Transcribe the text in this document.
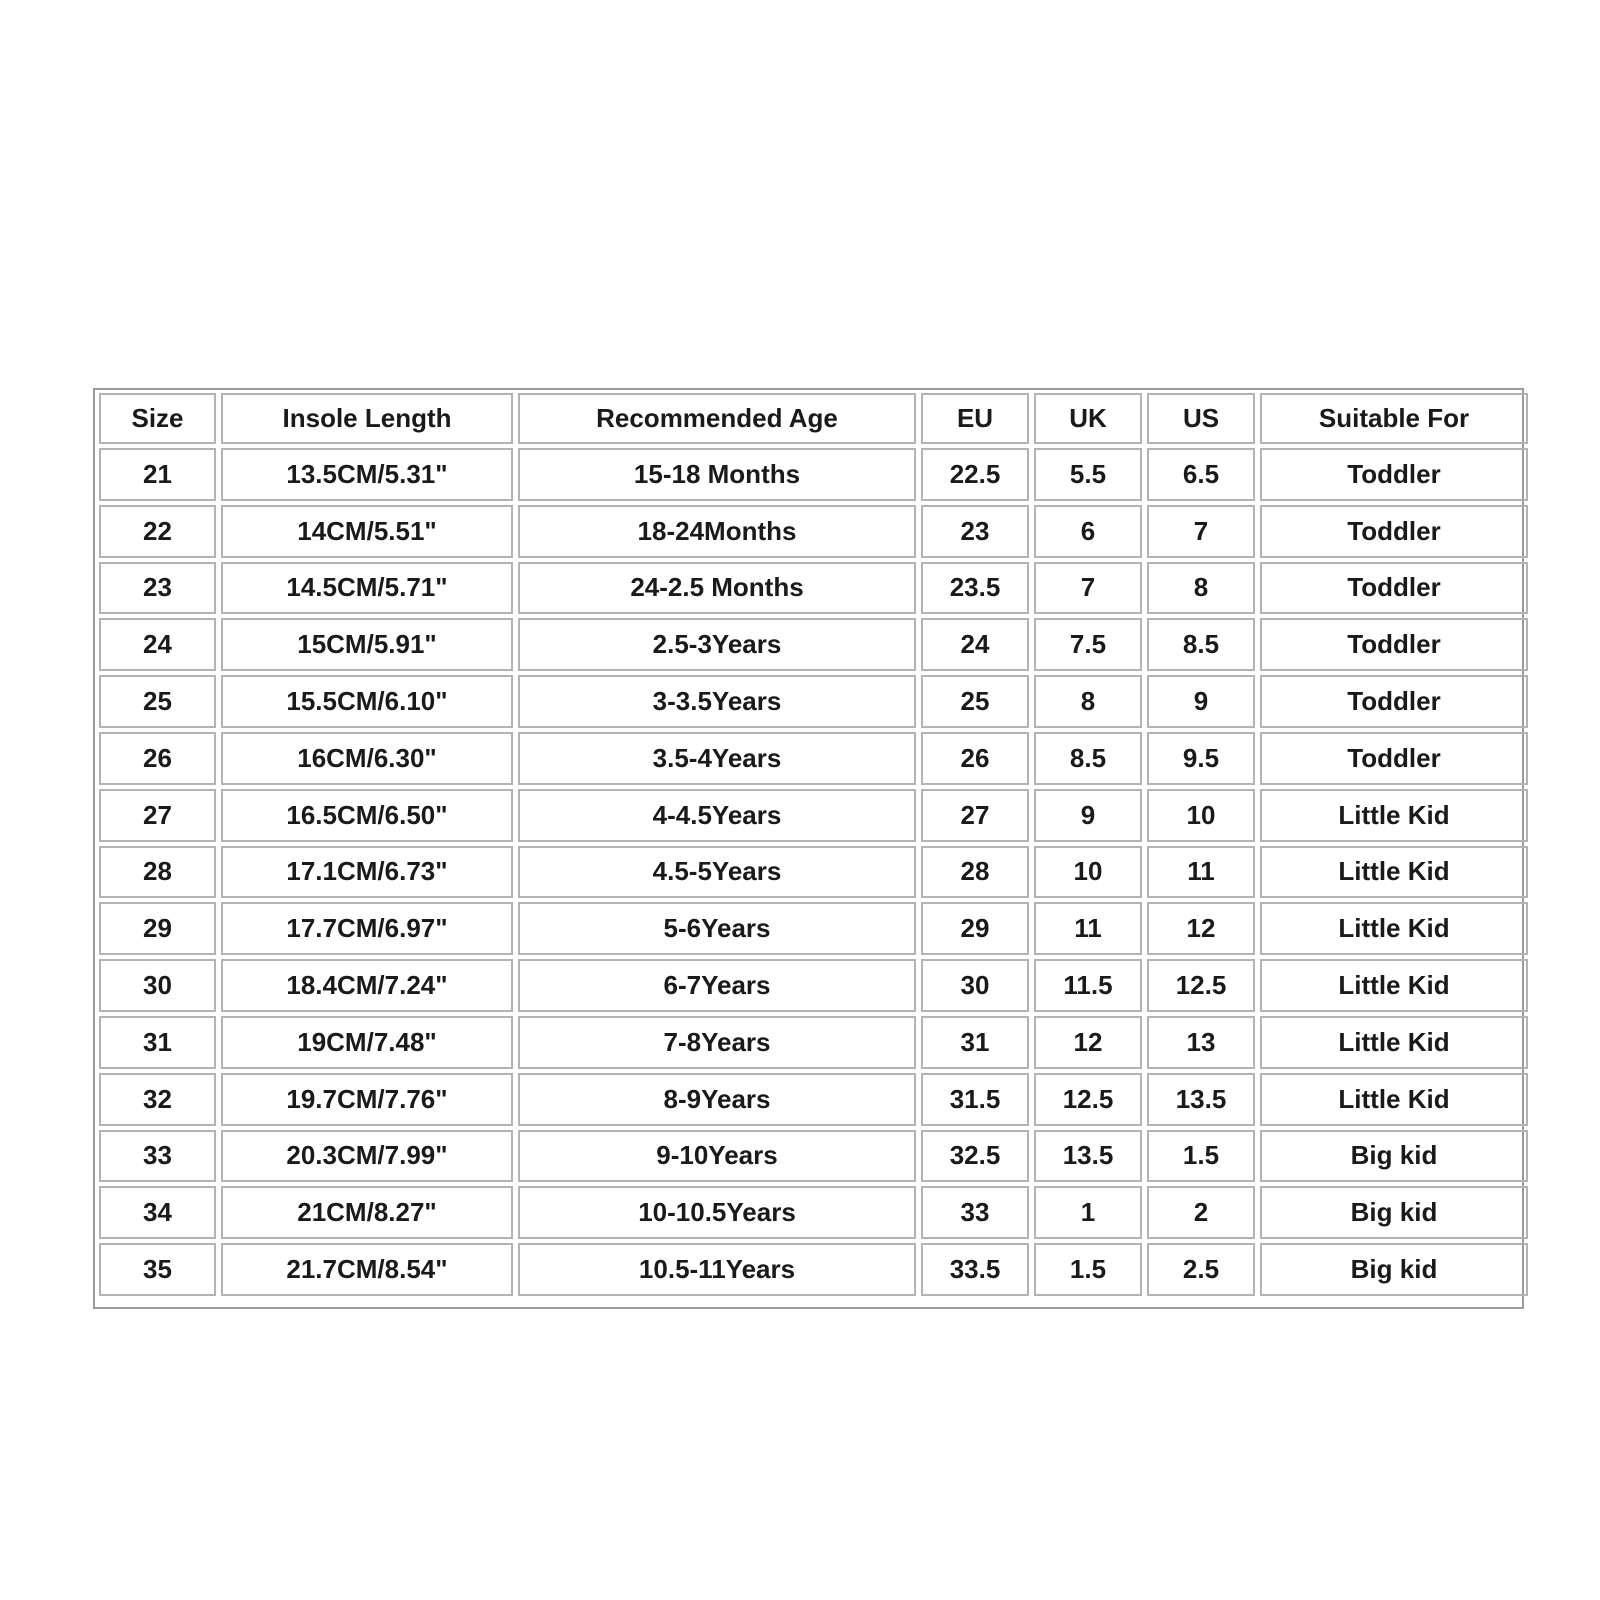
Size	Insole Length	Recommended Age	EU	UK	US	Suitable For
21	13.5CM/5.31"	15-18 Months	22.5	5.5	6.5	Toddler
22	14CM/5.51"	18-24Months	23	6	7	Toddler
23	14.5CM/5.71"	24-2.5 Months	23.5	7	8	Toddler
24	15CM/5.91"	2.5-3Years	24	7.5	8.5	Toddler
25	15.5CM/6.10"	3-3.5Years	25	8	9	Toddler
26	16CM/6.30"	3.5-4Years	26	8.5	9.5	Toddler
27	16.5CM/6.50"	4-4.5Years	27	9	10	Little Kid
28	17.1CM/6.73"	4.5-5Years	28	10	11	Little Kid
29	17.7CM/6.97"	5-6Years	29	11	12	Little Kid
30	18.4CM/7.24"	6-7Years	30	11.5	12.5	Little Kid
31	19CM/7.48"	7-8Years	31	12	13	Little Kid
32	19.7CM/7.76"	8-9Years	31.5	12.5	13.5	Little Kid
33	20.3CM/7.99"	9-10Years	32.5	13.5	1.5	Big kid
34	21CM/8.27"	10-10.5Years	33	1	2	Big kid
35	21.7CM/8.54"	10.5-11Years	33.5	1.5	2.5	Big kid
